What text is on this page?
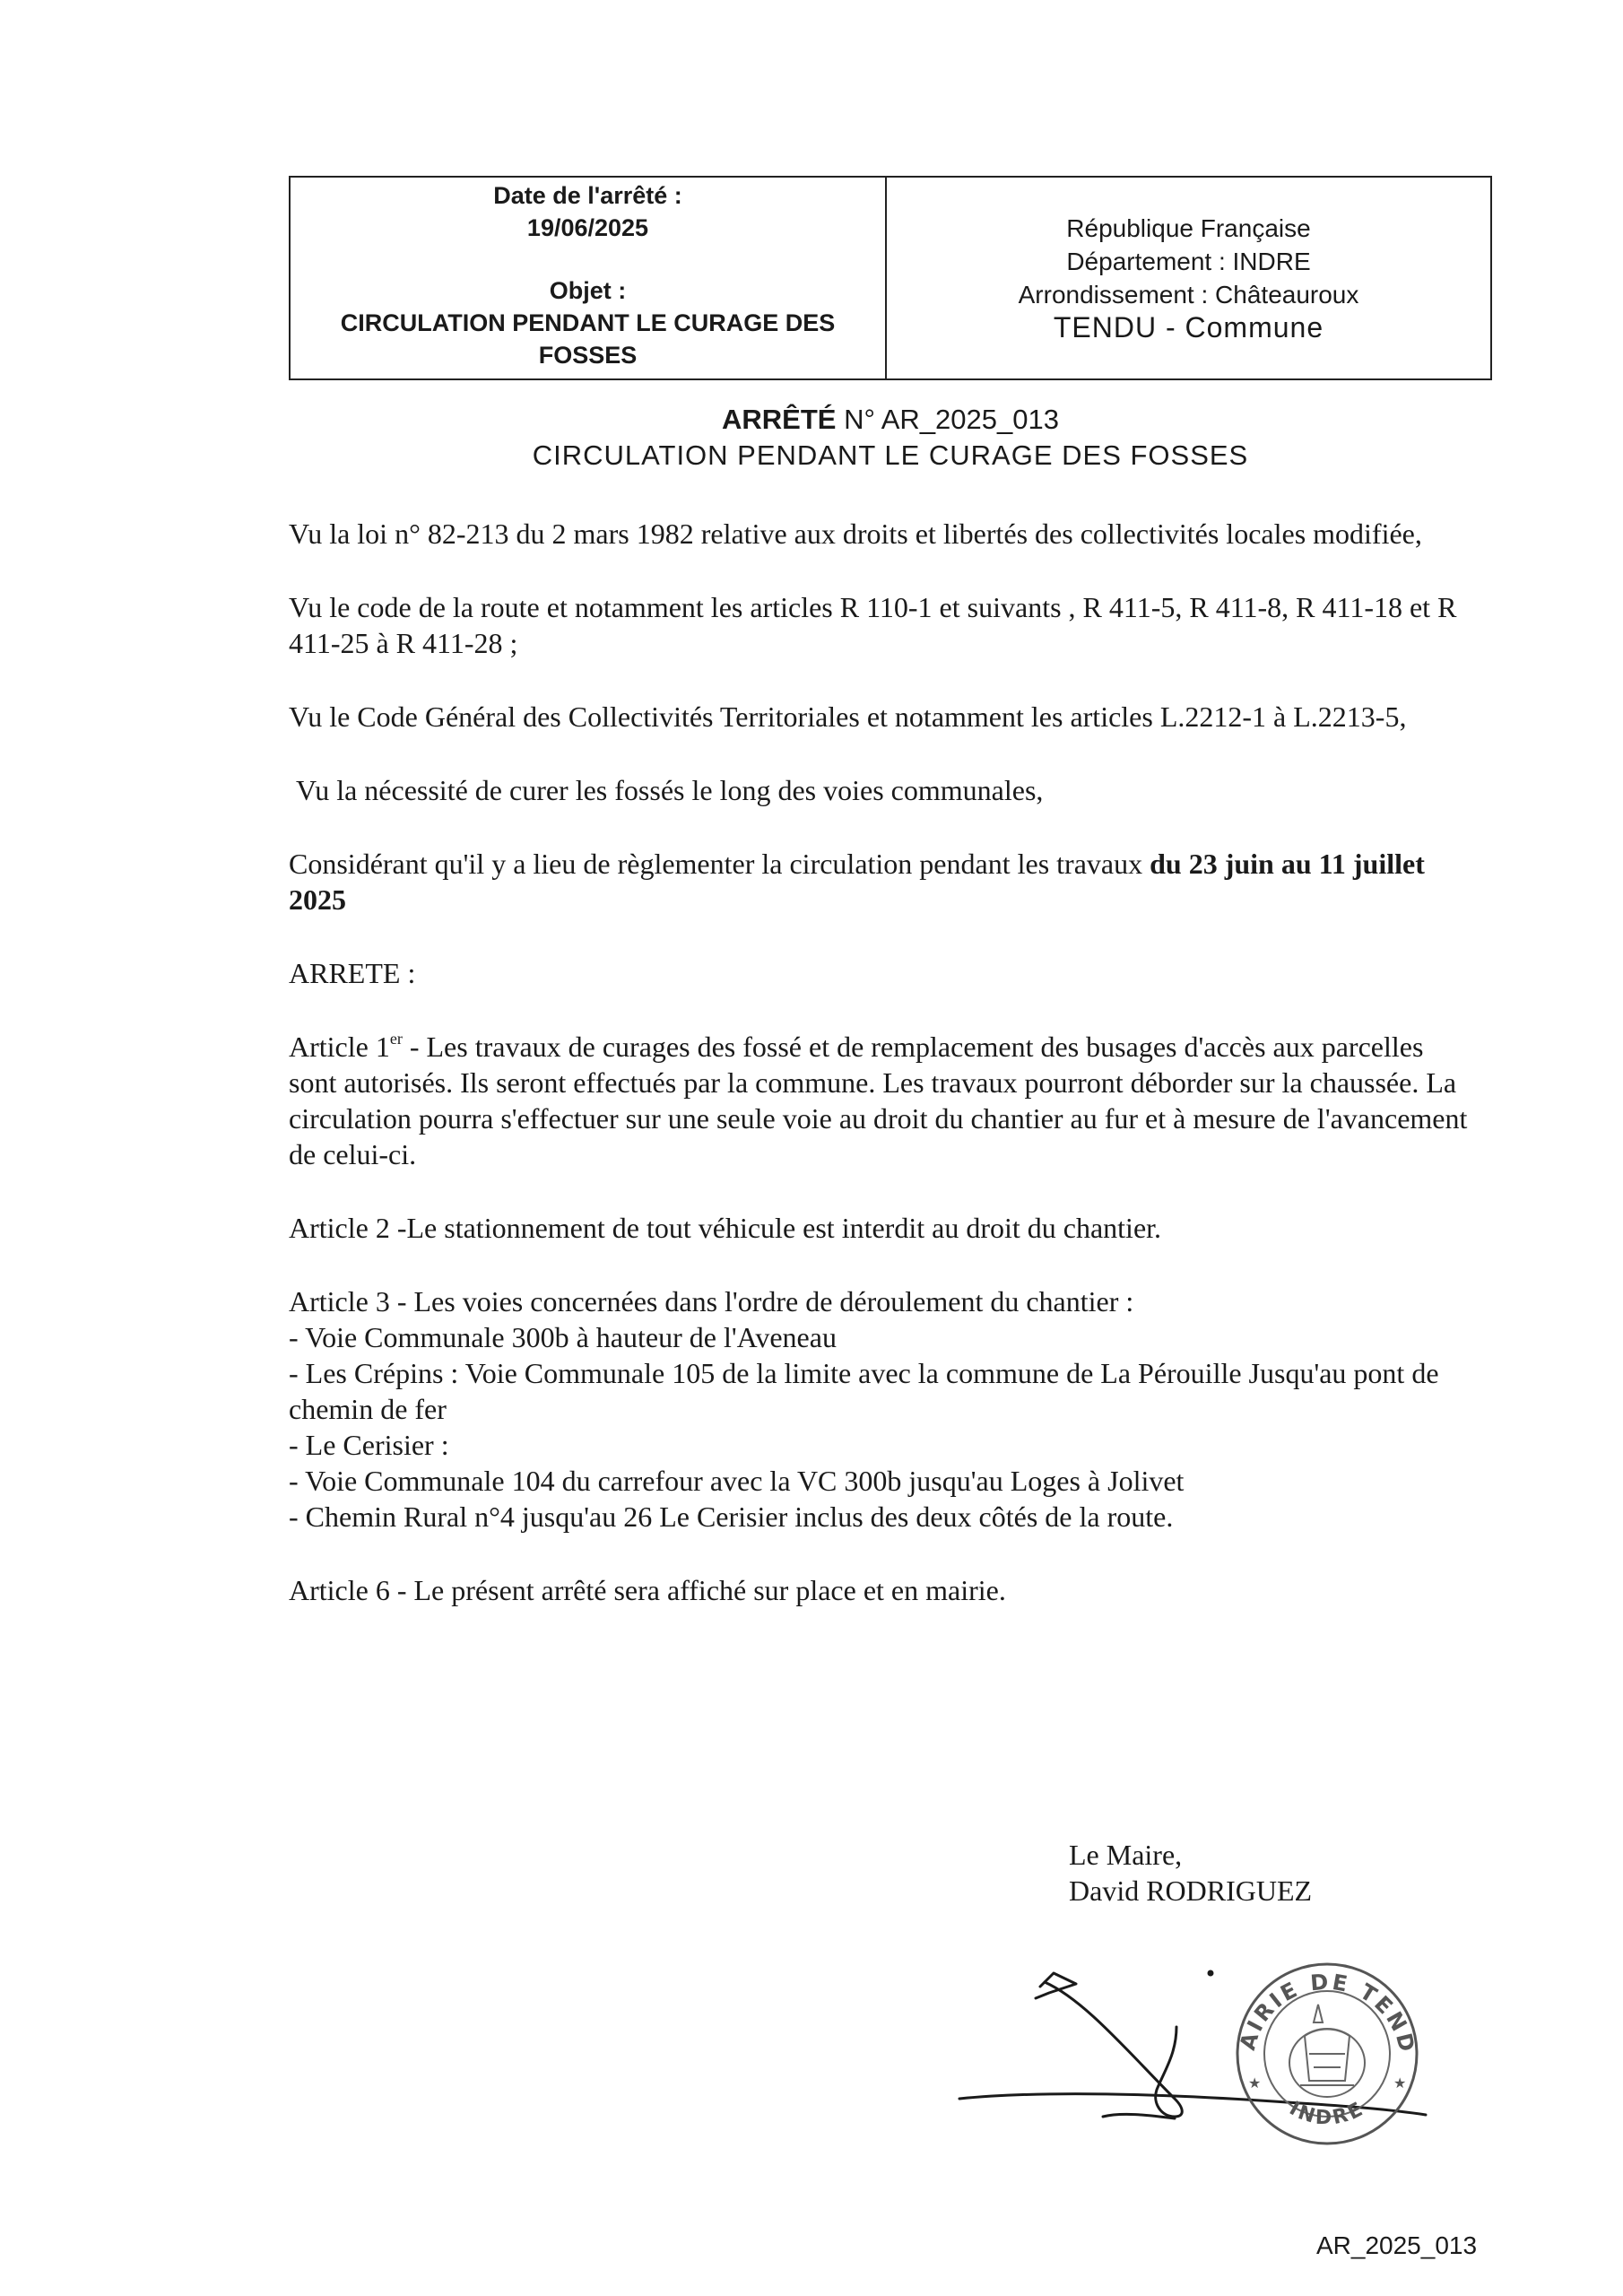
Date de l'arrêté :
19/06/2025
Objet :
CIRCULATION PENDANT LE CURAGE DES
FOSSES
République Française
Département : INDRE
Arrondissement : Châteauroux
TENDU - Commune
ARRÊTÉ N° AR_2025_013
CIRCULATION PENDANT LE CURAGE DES FOSSES

Vu la loi n° 82-213 du 2 mars 1982 relative aux droits et libertés des collectivités locales modifiée,

Vu le code de la route et notamment les articles R 110-1 et suivants , R 411-5, R 411-8, R 411-18 et R 411-25 à R 411-28 ;

Vu le Code Général des Collectivités Territoriales et notamment les articles L.2212-1 à L.2213-5,

Vu la nécessité de curer les fossés le long des voies communales,

Considérant qu'il y a lieu de règlementer la circulation pendant les travaux du 23 juin au 11 juillet 2025

ARRETE :

Article 1er - Les travaux de curages des fossé et de remplacement des busages d'accès aux parcelles sont autorisés. Ils seront effectués par la commune. Les travaux pourront déborder sur la chaussée. La circulation pourra s'effectuer sur une seule voie au droit du chantier au fur et à mesure de l'avancement de celui-ci.

Article 2 -Le stationnement de tout véhicule est interdit au droit du chantier.

Article 3 - Les voies concernées dans l'ordre de déroulement du chantier :
- Voie Communale 300b à hauteur de l'Aveneau
- Les Crépins : Voie Communale 105 de la limite avec la commune de La Pérouille Jusqu'au pont de chemin de fer
- Le Cerisier :
- Voie Communale 104 du carrefour avec la VC 300b jusqu'au Loges à Jolivet
- Chemin Rural n°4 jusqu'au 26 Le Cerisier inclus des deux côtés de la route.

Article 6 - Le présent arrêté sera affiché sur place et en mairie.

Le Maire,
David RODRIGUEZ
MAIRIE DE TENDU
INDRE
★	★
AR_2025_013
